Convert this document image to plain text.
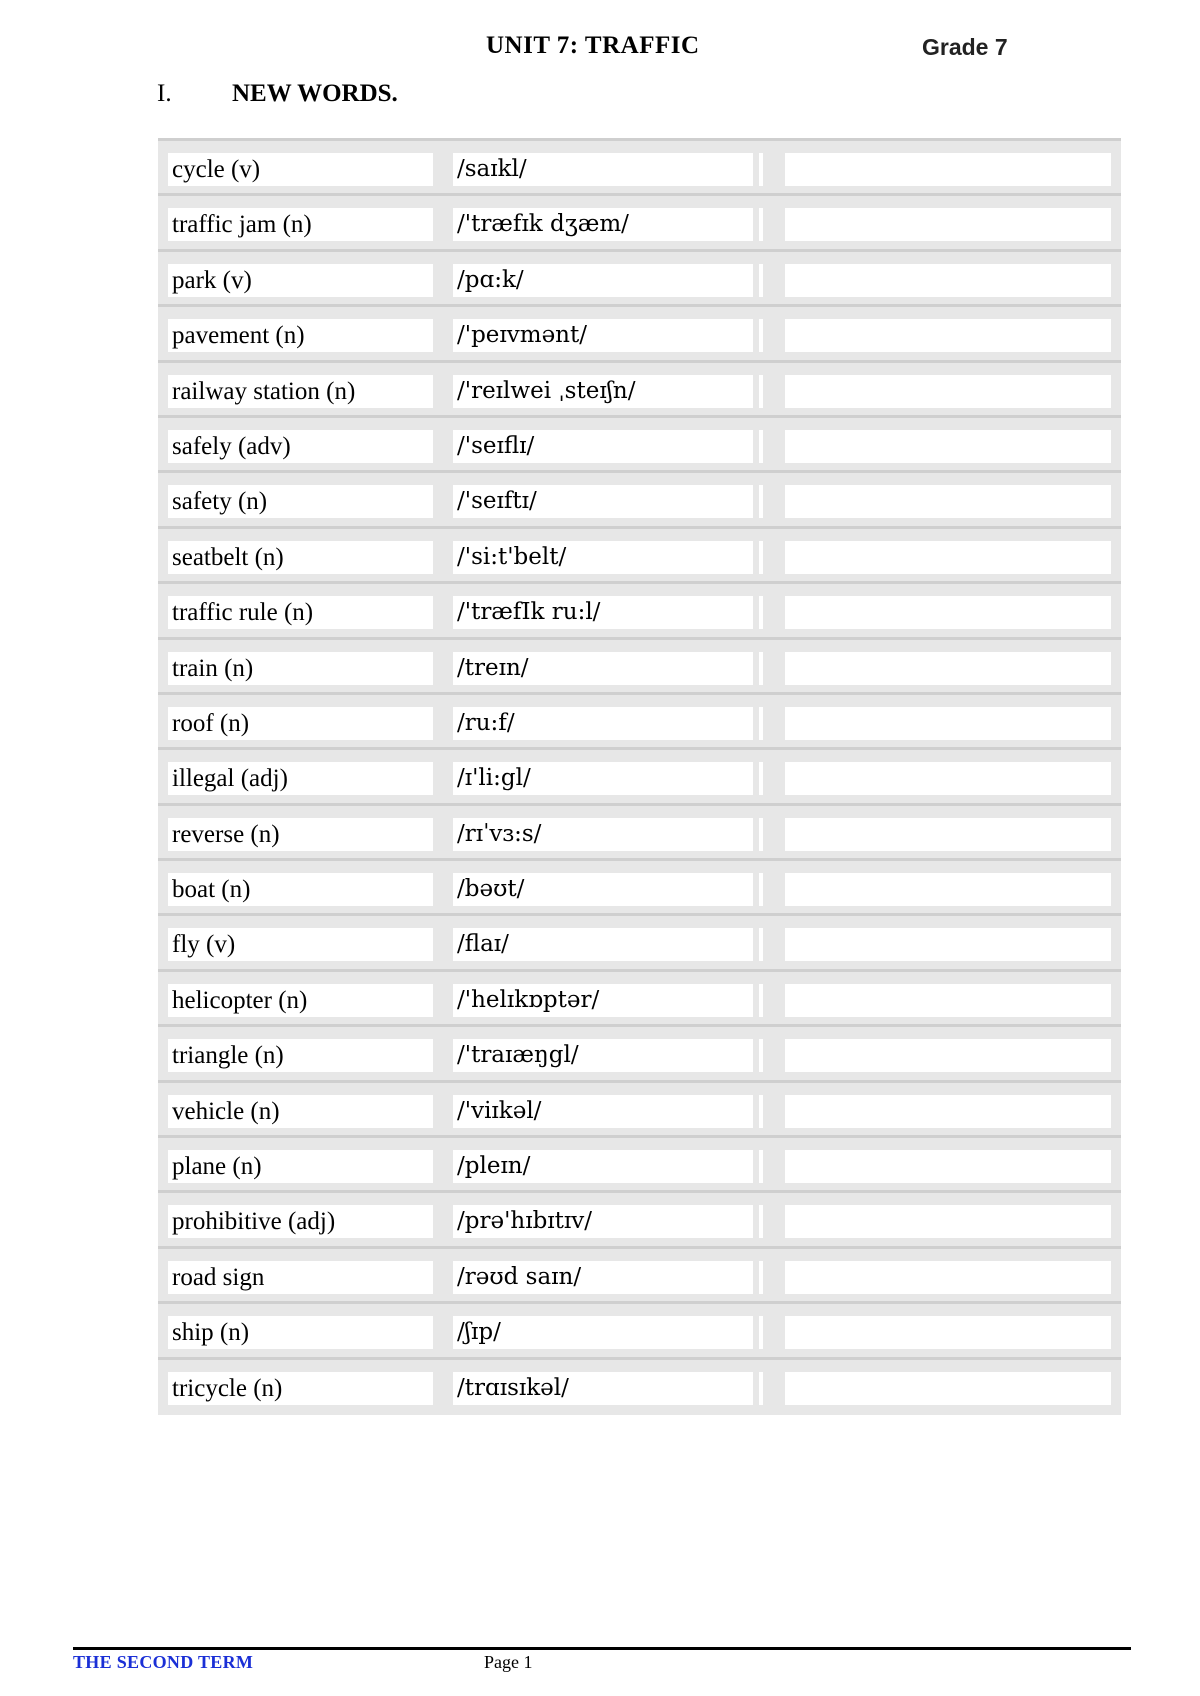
UNIT 7: TRAFFIC	Grade 7
I. NEW WORDS.
cycle (v)	/saɪkl/
traffic jam (n)	/'træfɪk dʒæm/
park (v)	/pɑ:k/
pavement (n)	/'peɪvmənt/
railway station (n)	/'reɪlwei ˌsteɪʃn/
safely (adv)	/'seɪflɪ/
safety (n)	/'seɪftɪ/
seatbelt (n)	/'si:t'belt/
traffic rule (n)	/'træfIk ru:l/
train (n)	/treɪn/
roof (n)	/ru:f/
illegal (adj)	/ɪ'li:gl/
reverse (n)	/rɪˈvɜ:s/
boat (n)	/bəʊt/
fly (v)	/flaɪ/
helicopter (n)	/'helɪkɒptər/
triangle (n)	/'traɪæŋgl/
vehicle (n)	/'viɪkəl/
plane (n)	/pleɪn/
prohibitive (adj)	/prə'hɪbɪtɪv/
road sign	/rəʊd saɪn/
ship (n)	/ʃɪp/
tricycle (n)	/trɑɪsɪkəl/
THE SECOND TERM	Page 1
